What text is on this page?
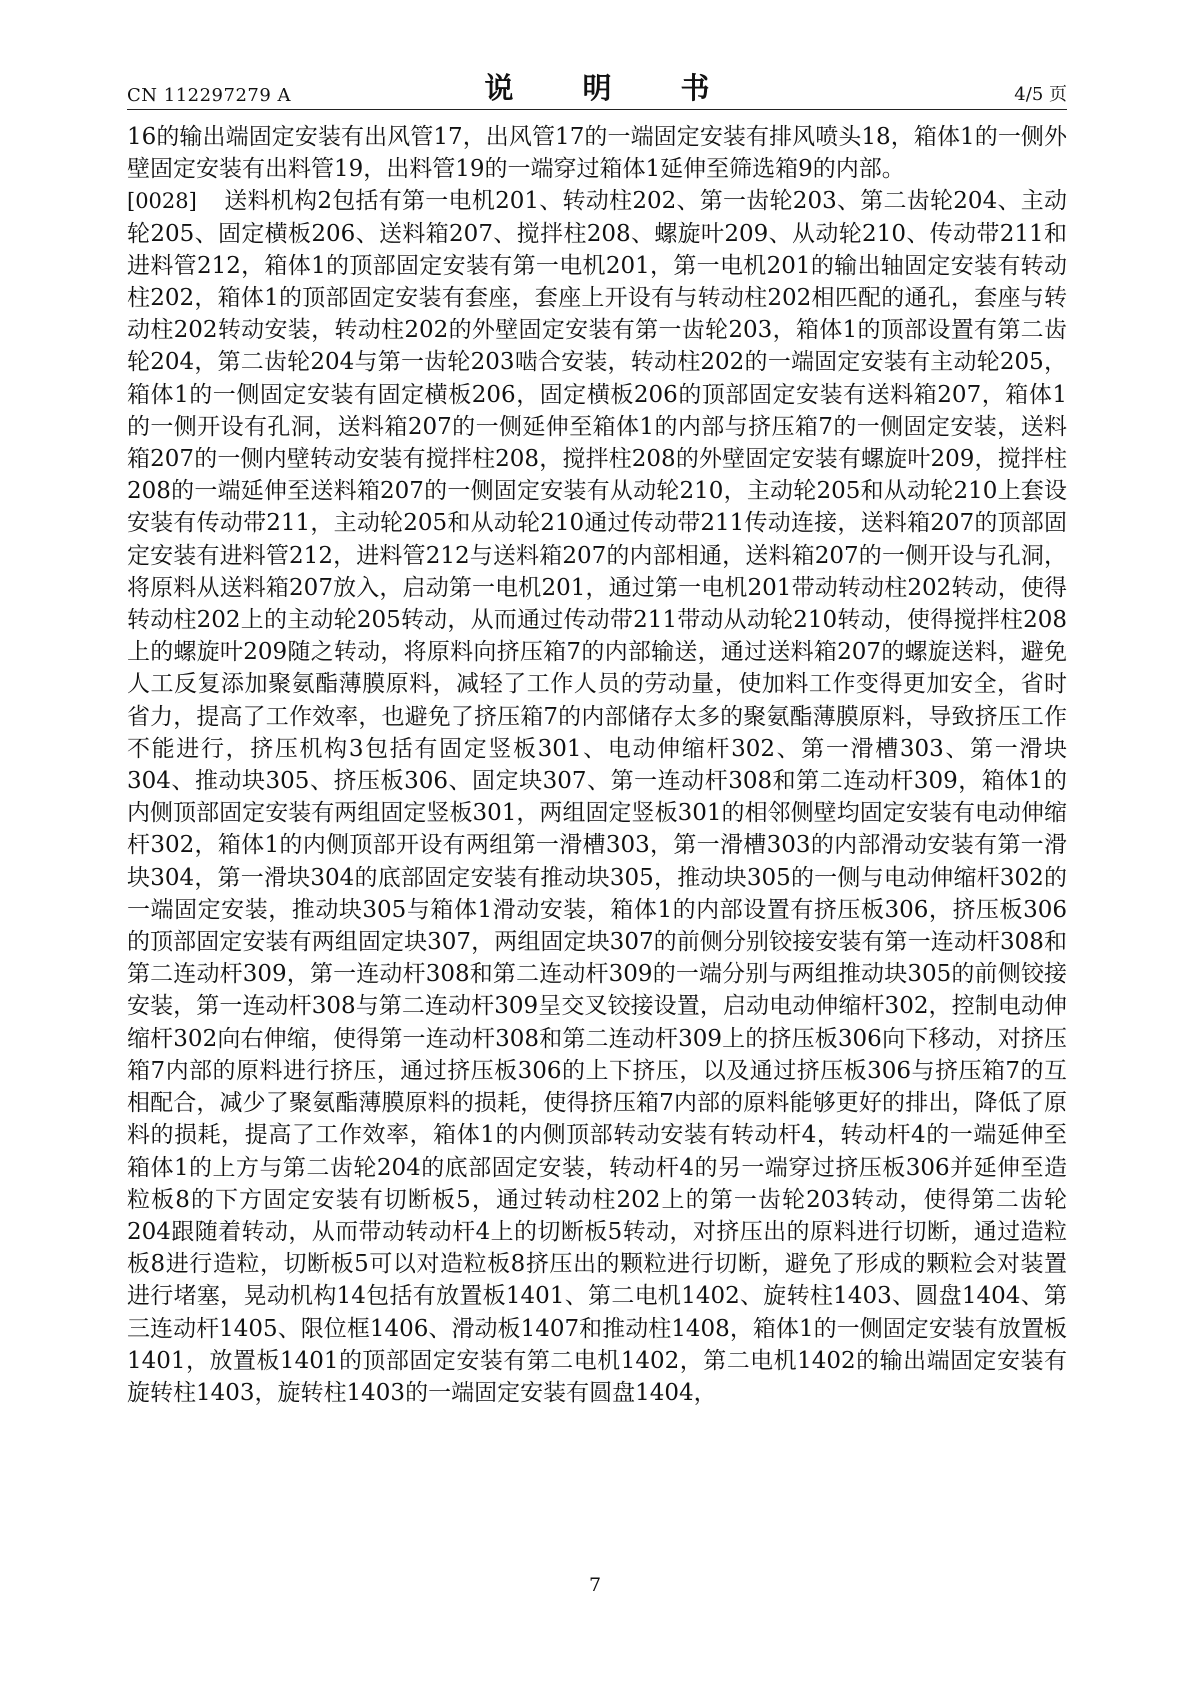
CN 112297279 A	说　明　书	4/5 页

16的输出端固定安装有出风管17，出风管17的一端固定安装有排风喷头18，箱体1的一侧外壁固定安装有出料管19，出料管19的一端穿过箱体1延伸至筛选箱9的内部。

[0028] 送料机构2包括有第一电机201、转动柱202、第一齿轮203、第二齿轮204、主动轮205、固定横板206、送料箱207、搅拌柱208、螺旋叶209、从动轮210、传动带211和进料管212，箱体1的顶部固定安装有第一电机201，第一电机201的输出轴固定安装有转动柱202，箱体1的顶部固定安装有套座，套座上开设有与转动柱202相匹配的通孔，套座与转动柱202转动安装，转动柱202的外壁固定安装有第一齿轮203，箱体1的顶部设置有第二齿轮204，第二齿轮204与第一齿轮203啮合安装，转动柱202的一端固定安装有主动轮205，箱体1的一侧固定安装有固定横板206，固定横板206的顶部固定安装有送料箱207，箱体1的一侧开设有孔洞，送料箱207的一侧延伸至箱体1的内部与挤压箱7的一侧固定安装，送料箱207的一侧内壁转动安装有搅拌柱208，搅拌柱208的外壁固定安装有螺旋叶209，搅拌柱208的一端延伸至送料箱207的一侧固定安装有从动轮210，主动轮205和从动轮210上套设安装有传动带211，主动轮205和从动轮210通过传动带211传动连接，送料箱207的顶部固定安装有进料管212，进料管212与送料箱207的内部相通，送料箱207的一侧开设与孔洞，将原料从送料箱207放入，启动第一电机201，通过第一电机201带动转动柱202转动，使得转动柱202上的主动轮205转动，从而通过传动带211带动从动轮210转动，使得搅拌柱208上的螺旋叶209随之转动，将原料向挤压箱7的内部输送，通过送料箱207的螺旋送料，避免人工反复添加聚氨酯薄膜原料，减轻了工作人员的劳动量，使加料工作变得更加安全，省时省力，提高了工作效率，也避免了挤压箱7的内部储存太多的聚氨酯薄膜原料，导致挤压工作不能进行，挤压机构3包括有固定竖板301、电动伸缩杆302、第一滑槽303、第一滑块304、推动块305、挤压板306、固定块307、第一连动杆308和第二连动杆309，箱体1的内侧顶部固定安装有两组固定竖板301，两组固定竖板301的相邻侧壁均固定安装有电动伸缩杆302，箱体1的内侧顶部开设有两组第一滑槽303，第一滑槽303的内部滑动安装有第一滑块304，第一滑块304的底部固定安装有推动块305，推动块305的一侧与电动伸缩杆302的一端固定安装，推动块305与箱体1滑动安装，箱体1的内部设置有挤压板306，挤压板306的顶部固定安装有两组固定块307，两组固定块307的前侧分别铰接安装有第一连动杆308和第二连动杆309，第一连动杆308和第二连动杆309的一端分别与两组推动块305的前侧铰接安装，第一连动杆308与第二连动杆309呈交叉铰接设置，启动电动伸缩杆302，控制电动伸缩杆302向右伸缩，使得第一连动杆308和第二连动杆309上的挤压板306向下移动，对挤压箱7内部的原料进行挤压，通过挤压板306的上下挤压，以及通过挤压板306与挤压箱7的互相配合，减少了聚氨酯薄膜原料的损耗，使得挤压箱7内部的原料能够更好的排出，降低了原料的损耗，提高了工作效率，箱体1的内侧顶部转动安装有转动杆4，转动杆4的一端延伸至箱体1的上方与第二齿轮204的底部固定安装，转动杆4的另一端穿过挤压板306并延伸至造粒板8的下方固定安装有切断板5，通过转动柱202上的第一齿轮203转动，使得第二齿轮204跟随着转动，从而带动转动杆4上的切断板5转动，对挤压出的原料进行切断，通过造粒板8进行造粒，切断板5可以对造粒板8挤压出的颗粒进行切断，避免了形成的颗粒会对装置进行堵塞，晃动机构14包括有放置板1401、第二电机1402、旋转柱1403、圆盘1404、第三连动杆1405、限位框1406、滑动板1407和推动柱1408，箱体1的一侧固定安装有放置板1401，放置板1401的顶部固定安装有第二电机1402，第二电机1402的输出端固定安装有旋转柱1403，旋转柱1403的一端固定安装有圆盘1404，

7
